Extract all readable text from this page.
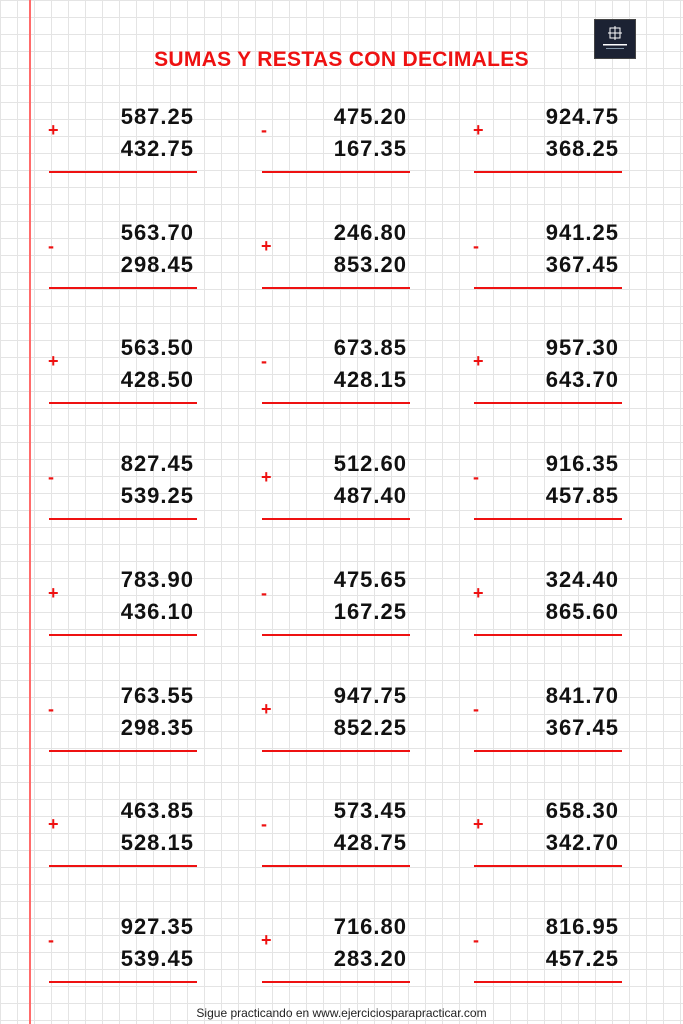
SUMAS Y RESTAS CON DECIMALES
+
587.25
432.75
-
475.20
167.35
+
924.75
368.25
-
563.70
298.45
+
246.80
853.20
-
941.25
367.45
+
563.50
428.50
-
673.85
428.15
+
957.30
643.70
-
827.45
539.25
+
512.60
487.40
-
916.35
457.85
+
783.90
436.10
-
475.65
167.25
+
324.40
865.60
-
763.55
298.35
+
947.75
852.25
-
841.70
367.45
+
463.85
528.15
-
573.45
428.75
+
658.30
342.70
-
927.35
539.45
+
716.80
283.20
-
816.95
457.25
Sigue practicando en www.ejerciciosparapracticar.com
